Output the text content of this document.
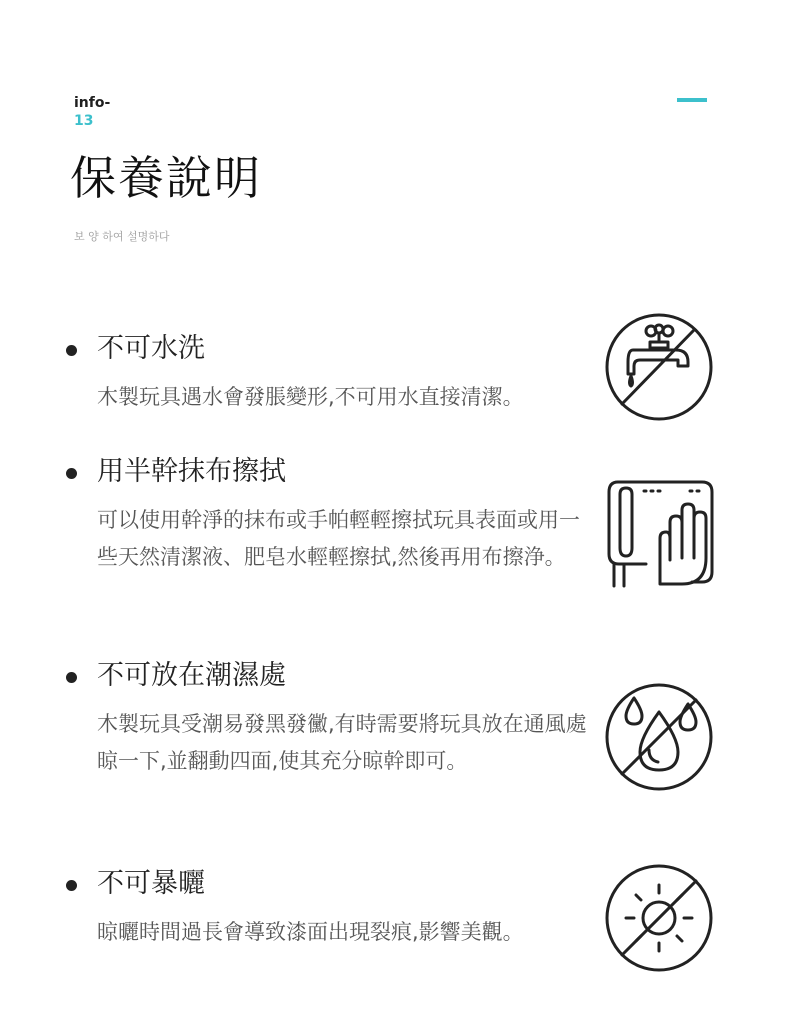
info-
13
保養說明
보 양 하여 설명하다
不可水洗
木製玩具遇水會發脹變形,不可用水直接清潔。
用半幹抹布擦拭
可以使用幹淨的抹布或手帕輕輕擦拭玩具表面或用一些天然清潔液、肥皂水輕輕擦拭,然後再用布擦浄。
不可放在潮濕處
木製玩具受潮易發黑發黴,有時需要將玩具放在通風處晾一下,並翻動四面,使其充分晾幹即可。
不可暴曬
晾曬時間過長會導致漆面出現裂痕,影響美觀。
